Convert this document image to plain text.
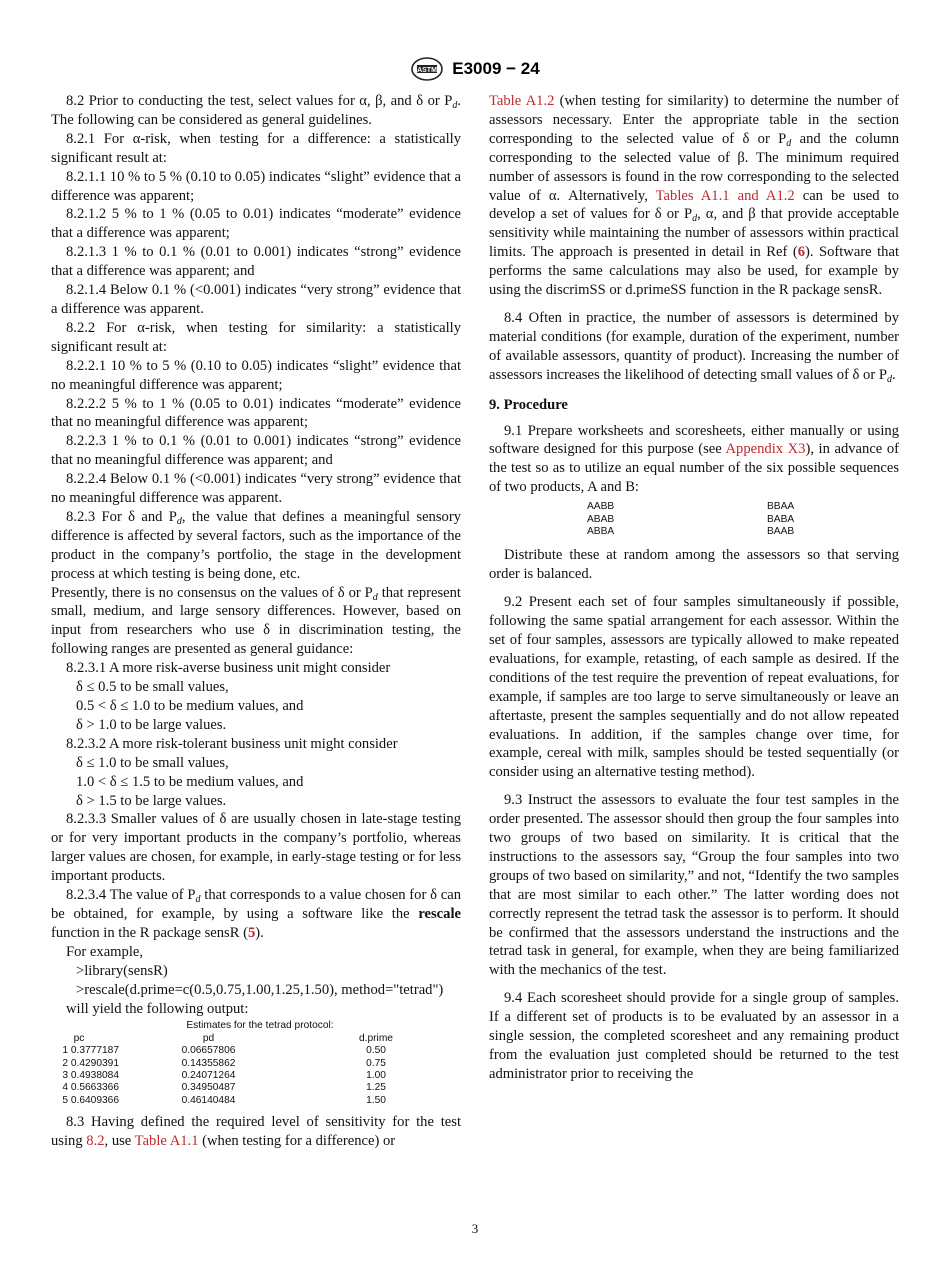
ASTM E3009 − 24

8.2 Prior to conducting the test, select values for α, β, and δ or $P_d$. The following can be considered as general guidelines.

8.2.1 For α-risk, when testing for a difference: a statistically significant result at:

8.2.1.1 10 % to 5 % (0.10 to 0.05) indicates “slight” evidence that a difference was apparent;

8.2.1.2 5 % to 1 % (0.05 to 0.01) indicates “moderate” evidence that a difference was apparent;

8.2.1.3 1 % to 0.1 % (0.01 to 0.001) indicates “strong” evidence that a difference was apparent; and

8.2.1.4 Below 0.1 % (<0.001) indicates “very strong” evidence that a difference was apparent.

8.2.2 For α-risk, when testing for similarity: a statistically significant result at:

8.2.2.1 10 % to 5 % (0.10 to 0.05) indicates “slight” evidence that no meaningful difference was apparent;

8.2.2.2 5 % to 1 % (0.05 to 0.01) indicates “moderate” evidence that no meaningful difference was apparent;

8.2.2.3 1 % to 0.1 % (0.01 to 0.001) indicates “strong” evidence that no meaningful difference was apparent; and

8.2.2.4 Below 0.1 % (<0.001) indicates “very strong” evidence that no meaningful difference was apparent.

8.2.3 For δ and $P_d$, the value that defines a meaningful sensory difference is affected by several factors, such as the importance of the product in the company’s portfolio, the stage in the development process at which testing is being done, etc.

Presently, there is no consensus on the values of δ or $P_d$ that represent small, medium, and large sensory differences. However, based on input from researchers who use δ in discrimination testing, the following ranges are presented as general guidance:

8.2.3.1 A more risk-averse business unit might consider

δ ≤ 0.5 to be small values,

0.5 < δ ≤ 1.0 to be medium values, and

δ > 1.0 to be large values.

8.2.3.2 A more risk-tolerant business unit might consider

δ ≤ 1.0 to be small values,

1.0 < δ ≤ 1.5 to be medium values, and

δ > 1.5 to be large values.

8.2.3.3 Smaller values of δ are usually chosen in late-stage testing or for very important products in the company’s portfolio, whereas larger values are chosen, for example, in early-stage testing or for less important products.

8.2.3.4 The value of $P_d$ that corresponds to a value chosen for δ can be obtained, for example, by using a software like the rescale function in the R package sensR (5).

For example,

>library(sensR)

>rescale(d.prime=c(0.5,0.75,1.00,1.25,1.50), method="tetrad")

will yield the following output:

Estimates for the tetrad protocol:
pc	pd	d.prime
1 0.3777187	0.06657806	0.50
2 0.4290391	0.14355862	0.75
3 0.4938084	0.24071264	1.00
4 0.5663366	0.34950487	1.25
5 0.6409366	0.46140484	1.50

8.3 Having defined the required level of sensitivity for the test using 8.2, use Table A1.1 (when testing for a difference) or

Table A1.2 (when testing for similarity) to determine the number of assessors necessary. Enter the appropriate table in the section corresponding to the selected value of δ or $P_d$ and the column corresponding to the selected value of β. The minimum required number of assessors is found in the row corresponding to the selected value of α. Alternatively, Tables A1.1 and A1.2 can be used to develop a set of values for δ or $P_d$, α, and β that provide acceptable sensitivity while maintaining the number of assessors within practical limits. The approach is presented in detail in Ref (6). Software that performs the same calculations may also be used, for example by using the discrimSS or d.primeSS function in the R package sensR.

8.4 Often in practice, the number of assessors is determined by material conditions (for example, duration of the experiment, number of available assessors, quantity of product). Increasing the number of assessors increases the likelihood of detecting small values of δ or $P_d$.

9. Procedure

9.1 Prepare worksheets and scoresheets, either manually or using software designed for this purpose (see Appendix X3), in advance of the test so as to utilize an equal number of the six possible sequences of two products, A and B:

AABB	BBAA
ABAB	BABA
ABBA	BAAB

Distribute these at random among the assessors so that serving order is balanced.

9.2 Present each set of four samples simultaneously if possible, following the same spatial arrangement for each assessor. Within the set of four samples, assessors are typically allowed to make repeated evaluations, for example, retasting, of each sample as desired. If the conditions of the test require the prevention of repeat evaluations, for example, if samples are too large to serve simultaneously or leave an aftertaste, present the samples sequentially and do not allow repeated evaluations. In addition, if the samples change over time, for example, cereal with milk, samples should be tested sequentially (or consider using an alternative testing method).

9.3 Instruct the assessors to evaluate the four test samples in the order presented. The assessor should then group the four samples into two groups of two based on similarity. It is critical that the instructions to the assessors say, “Group the four samples into two groups of two based on similarity,” and not, “Identify the two samples that are most similar to each other.” The latter wording does not correctly represent the tetrad task the assessor is to perform. It should be confirmed that the assessors understand the instructions and the tetrad task in general, for example, when they are being familiarized with the mechanics of the test.

9.4 Each scoresheet should provide for a single group of samples. If a different set of products is to be evaluated by an assessor in a single session, the completed scoresheet and any remaining product from the evaluation just completed should be returned to the test administrator prior to receiving the

3
